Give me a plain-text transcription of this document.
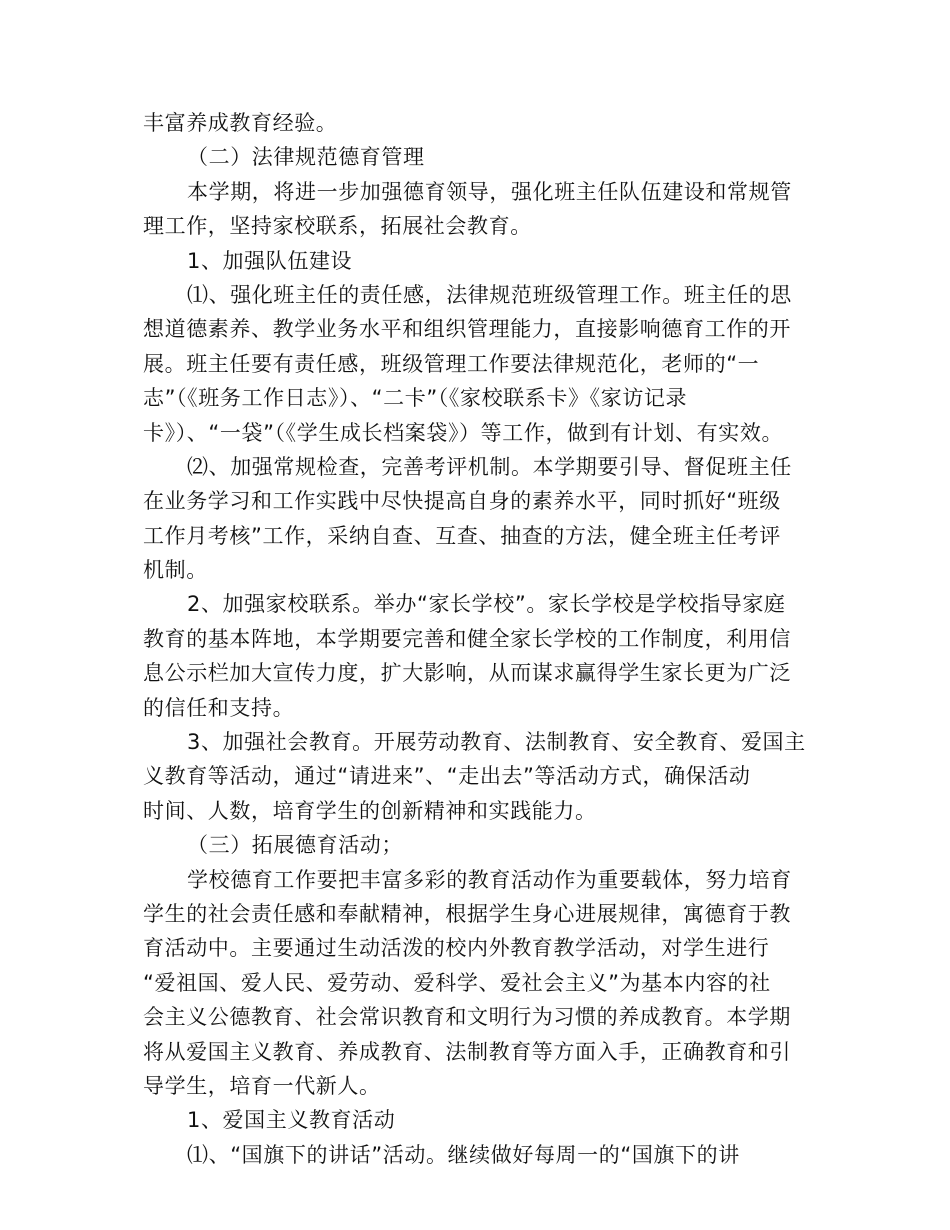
丰富养成教育经验。
（二）法律规范德育管理
本学期，将进一步加强德育领导，强化班主任队伍建设和常规管
理工作，坚持家校联系，拓展社会教育。
1、加强队伍建设
⑴、强化班主任的责任感，法律规范班级管理工作。班主任的思
想道德素养、教学业务水平和组织管理能力，直接影响德育工作的开
展。班主任要有责任感，班级管理工作要法律规范化，老师的“一
志”（《班务工作日志》）、“二卡”（《家校联系卡》《家访记录
卡》）、“一袋”（《学生成长档案袋》）等工作，做到有计划、有实效。
⑵、加强常规检查，完善考评机制。本学期要引导、督促班主任
在业务学习和工作实践中尽快提高自身的素养水平，同时抓好“班级
工作月考核”工作，采纳自查、互查、抽查的方法，健全班主任考评
机制。
2、加强家校联系。举办“家长学校”。家长学校是学校指导家庭
教育的基本阵地，本学期要完善和健全家长学校的工作制度，利用信
息公示栏加大宣传力度，扩大影响，从而谋求赢得学生家长更为广泛
的信任和支持。
3、加强社会教育。开展劳动教育、法制教育、安全教育、爱国主
义教育等活动，通过“请进来”、“走出去”等活动方式，确保活动
时间、人数，培育学生的创新精神和实践能力。
（三）拓展德育活动；
学校德育工作要把丰富多彩的教育活动作为重要载体，努力培育
学生的社会责任感和奉献精神，根据学生身心进展规律，寓德育于教
育活动中。主要通过生动活泼的校内外教育教学活动，对学生进行
“爱祖国、爱人民、爱劳动、爱科学、爱社会主义”为基本内容的社
会主义公德教育、社会常识教育和文明行为习惯的养成教育。本学期
将从爱国主义教育、养成教育、法制教育等方面入手，正确教育和引
导学生，培育一代新人。
1、爱国主义教育活动
⑴、“国旗下的讲话”活动。继续做好每周一的“国旗下的讲
